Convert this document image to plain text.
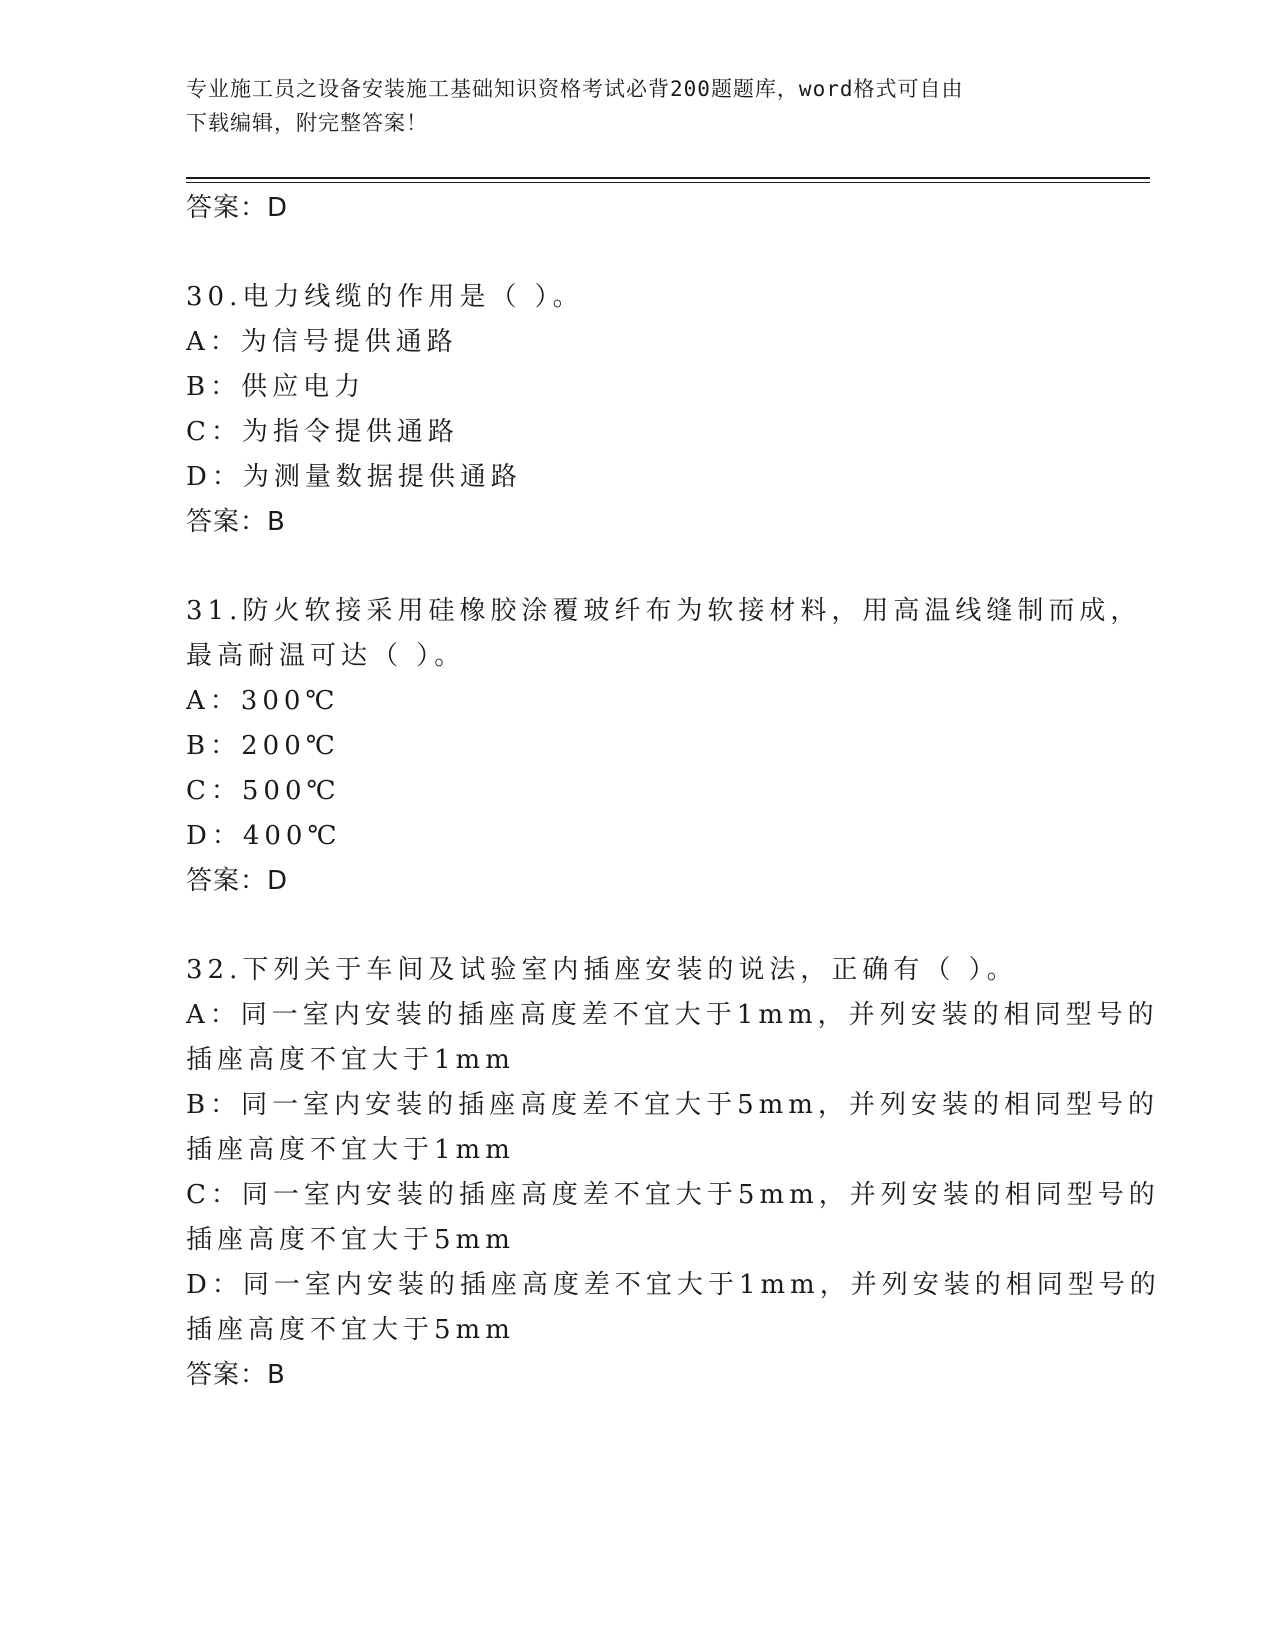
专业施工员之设备安装施工基础知识资格考试必背200题题库，word格式可自由
下载编辑，附完整答案！
答案：D
30.电力线缆的作用是（ ）。
A：为信号提供通路
B：供应电力
C：为指令提供通路
D：为测量数据提供通路
答案：B
31.防火软接采用硅橡胶涂覆玻纤布为软接材料，用高温线缝制而成，
最高耐温可达（ ）。
A：300℃
B：200℃
C：500℃
D：400℃
答案：D
32.下列关于车间及试验室内插座安装的说法，正确有（ ）。
A：同一室内安装的插座高度差不宜大于1mm，并列安装的相同型号的
插座高度不宜大于1mm
B：同一室内安装的插座高度差不宜大于5mm，并列安装的相同型号的
插座高度不宜大于1mm
C：同一室内安装的插座高度差不宜大于5mm，并列安装的相同型号的
插座高度不宜大于5mm
D：同一室内安装的插座高度差不宜大于1mm，并列安装的相同型号的
插座高度不宜大于5mm
答案：B
